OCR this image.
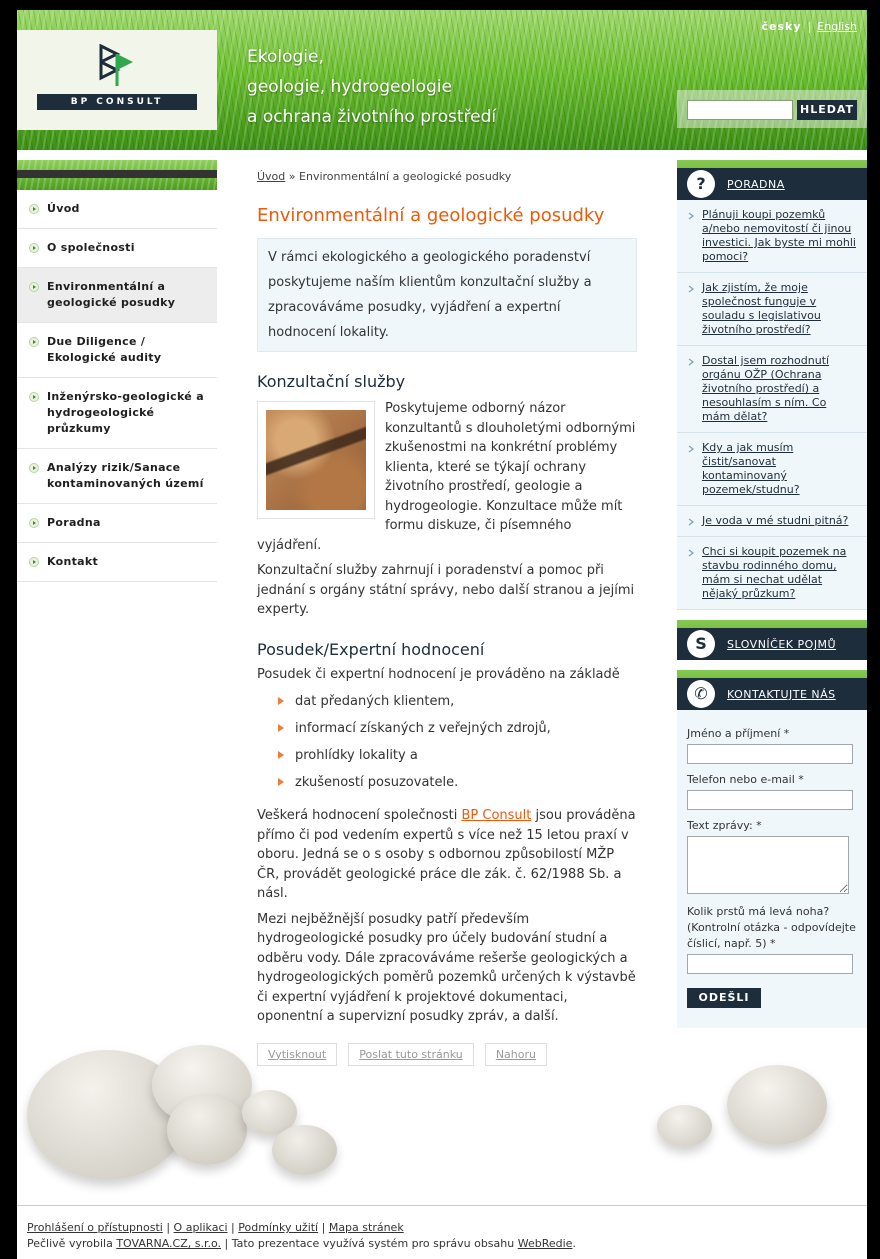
BP CONSULT
Ekologie,
geologie, hydrogeologie
a ochrana životního prostředí
česky | English
HLEDAT
Úvod
O společnosti
Environmentální a geologické posudky
Due Diligence / Ekologické audity
Inženýrsko-geologické a hydrogeologické průzkumy
Analýzy rizik/Sanace kontaminovaných území
Poradna
Kontakt
Úvod » Environmentální a geologické posudky
Environmentální a geologické posudky
V rámci ekologického a geologického poradenství poskytujeme naším klientům konzultační služby a zpracováváme posudky, vyjádření a expertní hodnocení lokality.
Konzultační služby

Poskytujeme odborný názor konzultantů s dlouholetými odbornými zkušenostmi na konkrétní problémy klienta, které se týkají ochrany životního prostředí, geologie a hydrogeologie. Konzultace může mít formu diskuze, či písemného vyjádření.

Konzultační služby zahrnují i poradenství a pomoc při jednání s orgány státní správy, nebo další stranou a jejími experty.

Posudek/Expertní hodnocení

Posudek či expertní hodnocení je prováděno na základě

dat předaných klientem,
informací získaných z veřejných zdrojů,
prohlídky lokality a
zkušeností posuzovatele.

Veškerá hodnocení společnosti BP Consult jsou prováděna přímo či pod vedením expertů s více než 15 letou praxí v oboru. Jedná se o s osoby s odbornou způsobilostí MŽP ČR, provádět geologické práce dle zák. č. 62/1988 Sb. a násl.

Mezi nejběžnější posudky patří především hydrogeologické posudky pro účely budování studní a odběru vody. Dále zpracováváme rešerše geologických a hydrogeologických poměrů pozemků určených k výstavbě či expertní vyjádření k projektové dokumentaci, oponentní a supervizní posudky zpráv, a další.

Vytisknout	Poslat tuto stránku	Nahoru
?	PORADNA
Plánuji koupi pozemků a/nebo nemovitostí či jinou investici. Jak byste mi mohli pomoci?
Jak zjistím, že moje společnost funguje v souladu s legislativou životního prostředí?
Dostal jsem rozhodnutí orgánu OŽP (Ochrana životního prostředí) a nesouhlasím s ním. Co mám dělat?
Kdy a jak musím čistit/sanovat kontaminovaný pozemek/studnu?
Je voda v mé studni pitná?
Chci si koupit pozemek na stavbu rodinného domu, mám si nechat udělat nějaký průzkum?
S	SLOVNÍČEK POJMŮ
✆	KONTAKTUJTE NÁS
Jméno a příjmení *
Telefon nebo e-mail *
Text zprávy: *
Kolik prstů má levá noha? (Kontrolní otázka - odpovídejte číslicí, např. 5) *
ODEŠLI
Prohlášení o přístupnosti | O aplikaci | Podmínky užití | Mapa stránek
Pečlivě vyrobila TOVARNA.CZ, s.r.o. | Tato prezentace využívá systém pro správu obsahu WebRedie.
